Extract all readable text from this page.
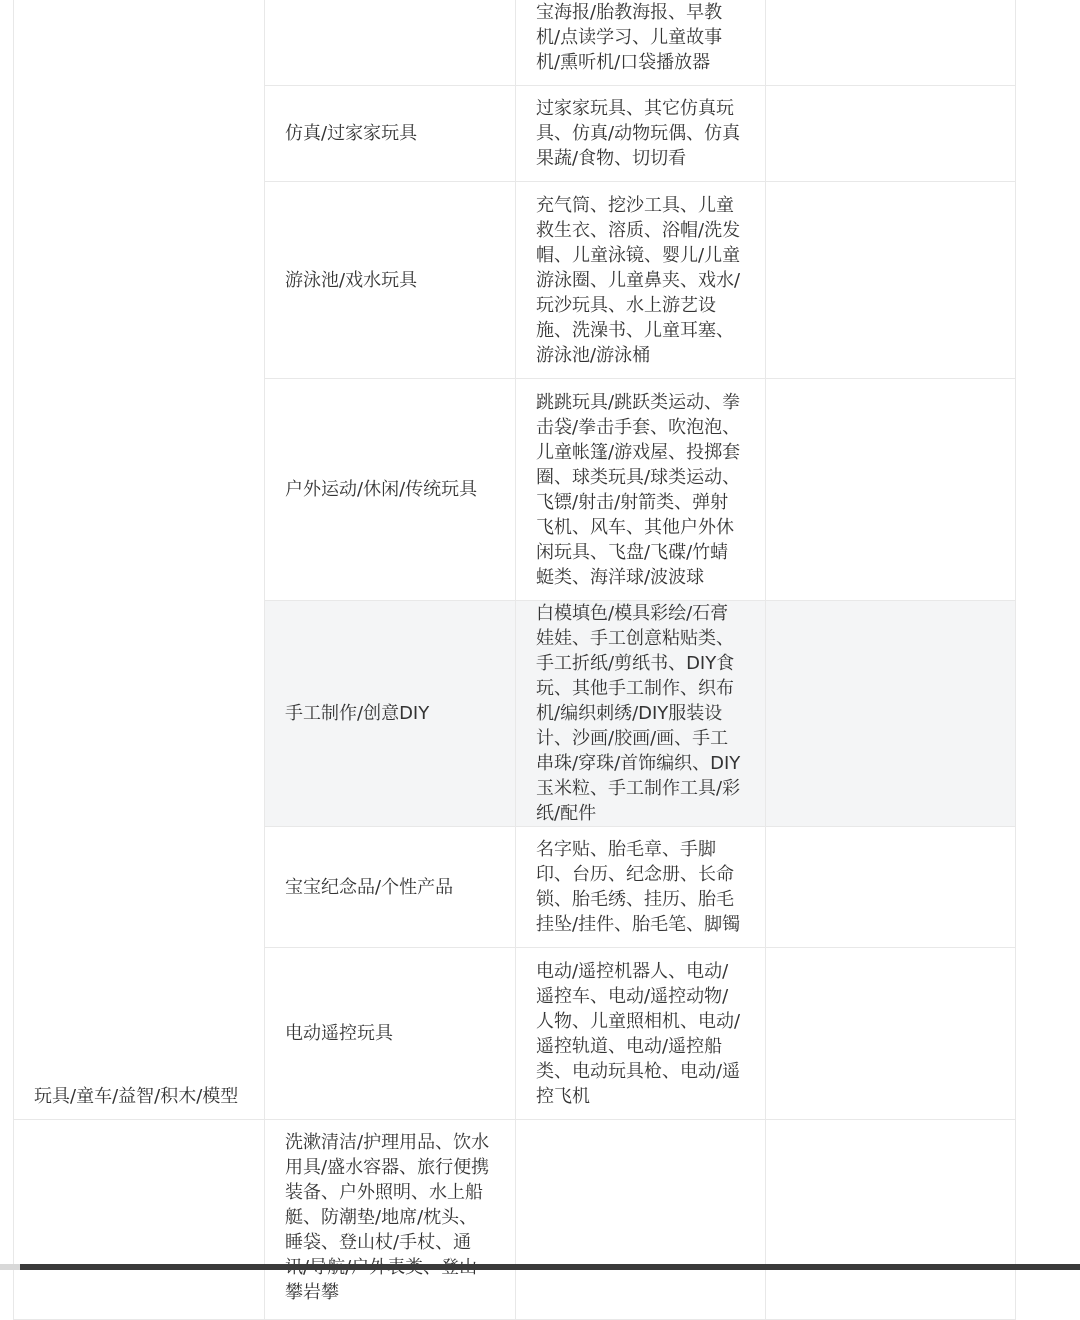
玩具/童车/益智/积木/模型		宝海报/胎教海报、早教机/点读学习、儿童故事机/熏听机/口袋播放器	
	仿真/过家家玩具	过家家玩具、其它仿真玩具、仿真/动物玩偶、仿真果蔬/食物、切切看	
	游泳池/戏水玩具	充气筒、挖沙工具、儿童救生衣、溶质、浴帽/洗发帽、儿童泳镜、婴儿/儿童游泳圈、儿童鼻夹、戏水/玩沙玩具、水上游艺设施、洗澡书、儿童耳塞、游泳池/游泳桶	
	户外运动/休闲/传统玩具	跳跳玩具/跳跃类运动、拳击袋/拳击手套、吹泡泡、儿童帐篷/游戏屋、投掷套圈、球类玩具/球类运动、飞镖/射击/射箭类、弹射飞机、风车、其他户外休闲玩具、飞盘/飞碟/竹蜻蜓类、海洋球/波波球	
	手工制作/创意DIY	白模填色/模具彩绘/石膏娃娃、手工创意粘贴类、手工折纸/剪纸书、DIY食玩、其他手工制作、织布机/编织刺绣/DIY服装设计、沙画/胶画/画、手工串珠/穿珠/首饰编织、DIY玉米粒、手工制作工具/彩纸/配件	
	宝宝纪念品/个性产品	名字贴、胎毛章、手脚印、台历、纪念册、长命锁、胎毛绣、挂历、胎毛挂坠/挂件、胎毛笔、脚镯	
	电动遥控玩具	电动/遥控机器人、电动/遥控车、电动/遥控动物/人物、儿童照相机、电动/遥控轨道、电动/遥控船类、电动玩具枪、电动/遥控飞机	
	洗漱清洁/护理用品、饮水用具/盛水容器、旅行便携装备、户外照明、水上船艇、防潮垫/地席/枕头、睡袋、登山杖/手杖、通 攀岩攀		
